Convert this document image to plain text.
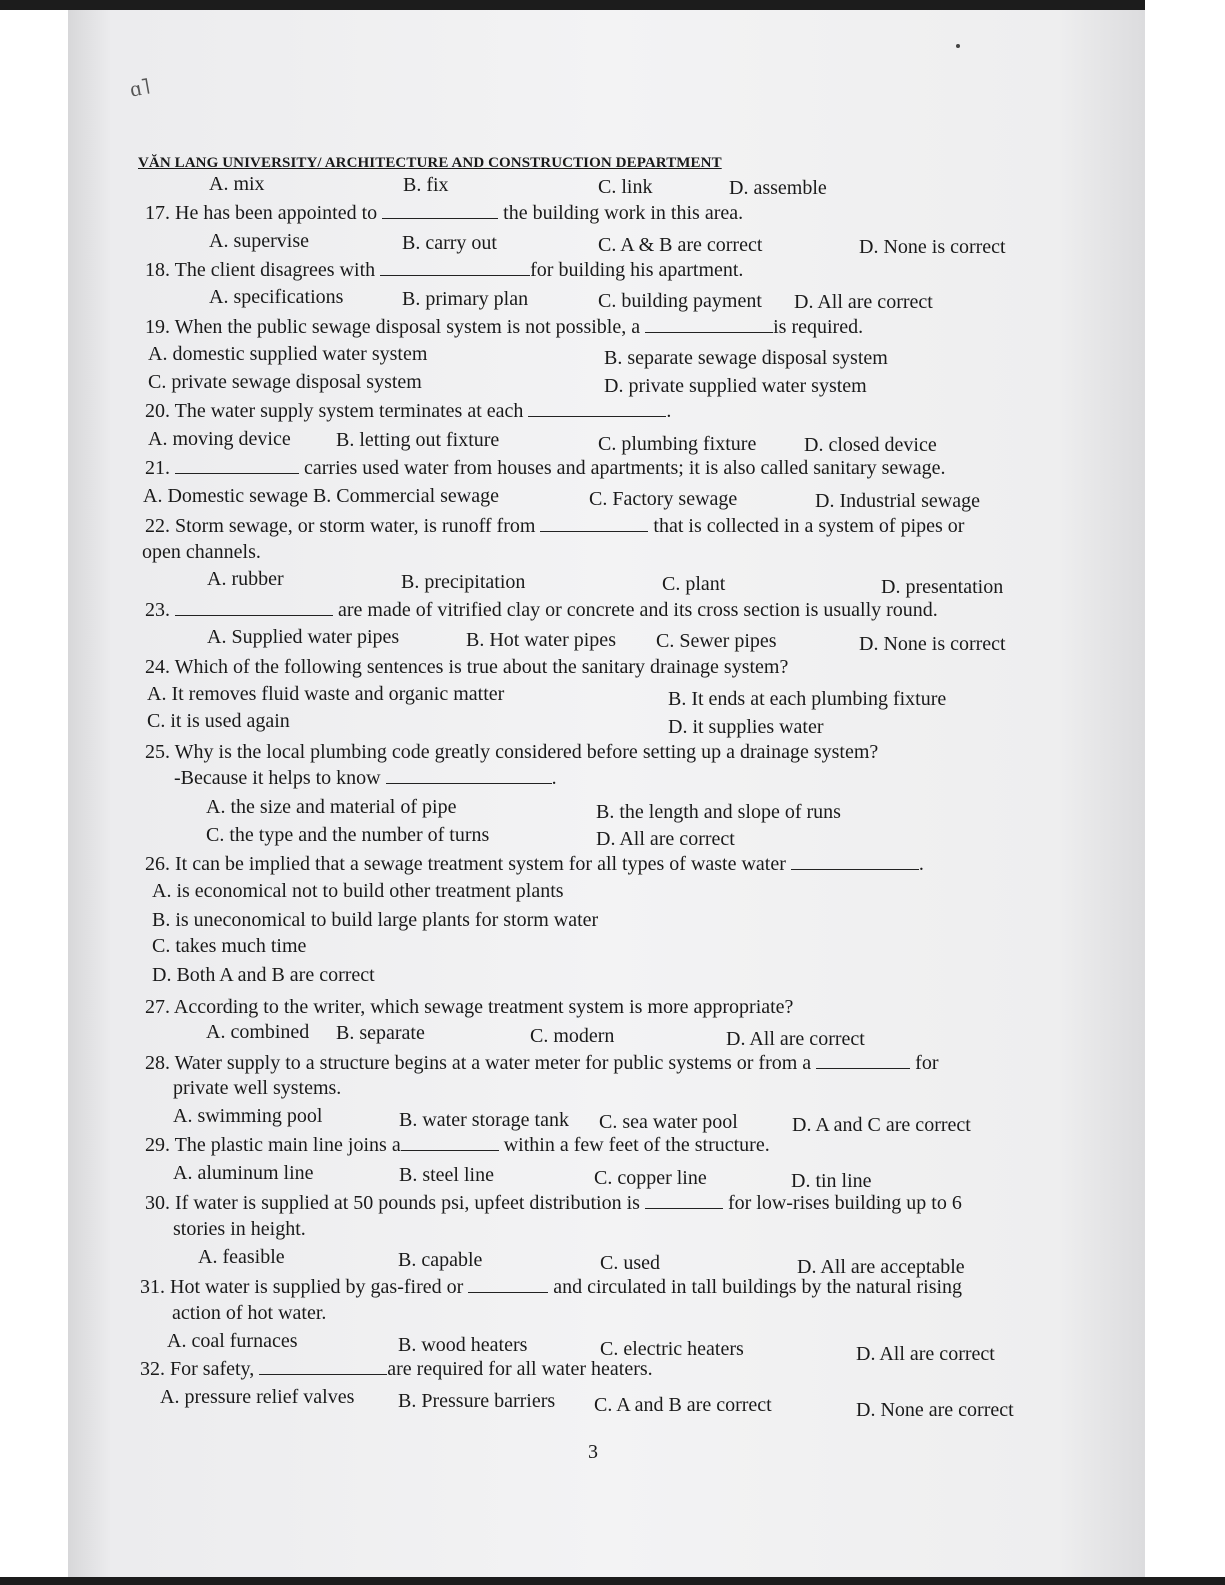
ɑ˥
VĂN LANG UNIVERSITY/ ARCHITECTURE AND CONSTRUCTION DEPARTMENT
A. mix	B. fix	C. link	D. assemble
17. He has been appointed to	the building work in this area.
A. supervise	B. carry out	C. A & B are correct	D. None is correct
18. The client disagrees with	for building his apartment.
A. specifications	B. primary plan	C. building payment D. All are correct
19. When the public sewage disposal system is not possible, a	is required.
A. domestic supplied water system	B. separate sewage disposal system
C. private sewage disposal system	D. private supplied water system
20. The water supply system terminates at each	.
A. moving device B. letting out fixture	C. plumbing fixture D. closed device
21.	carries used water from houses and apartments; it is also called sanitary sewage.
A. Domestic sewage B. Commercial sewage	C. Factory sewage	D. Industrial sewage
22. Storm sewage, or storm water, is runoff from	that is collected in a system of pipes or
open channels.
A. rubber	B. precipitation	C. plant	D. presentation
23.	are made of vitrified clay or concrete and its cross section is usually round.
A. Supplied water pipes	B. Hot water pipes C. Sewer pipes	D. None is correct
24. Which of the following sentences is true about the sanitary drainage system?
A. It removes fluid waste and organic matter	B. It ends at each plumbing fixture
C. it is used again	D. it supplies water
25. Why is the local plumbing code greatly considered before setting up a drainage system?
-Because it helps to know	.
A. the size and material of pipe	B. the length and slope of runs
C. the type and the number of turns	D. All are correct
26. It can be implied that a sewage treatment system for all types of waste water	.
A. is economical not to build other treatment plants
B. is uneconomical to build large plants for storm water
C. takes much time
D. Both A and B are correct
27. According to the writer, which sewage treatment system is more appropriate?
A. combined B. separate	C. modern	D. All are correct
28. Water supply to a structure begins at a water meter for public systems or from a	for
private well systems.
A. swimming pool	B. water storage tank C. sea water pool	D. A and C are correct
29. The plastic main line joins a	within a few feet of the structure.
A. aluminum line	B. steel line	C. copper line	D. tin line
30. If water is supplied at 50 pounds psi, upfeet distribution is	for low-rises building up to 6
stories in height.
A. feasible	B. capable	C. used	D. All are acceptable
31. Hot water is supplied by gas-fired or	and circulated in tall buildings by the natural rising
action of hot water.
A. coal furnaces	B. wood heaters	C. electric heaters	D. All are correct
32. For safety,	are required for all water heaters.
A. pressure relief valves B. Pressure barriers C. A and B are correct	D. None are correct
3
